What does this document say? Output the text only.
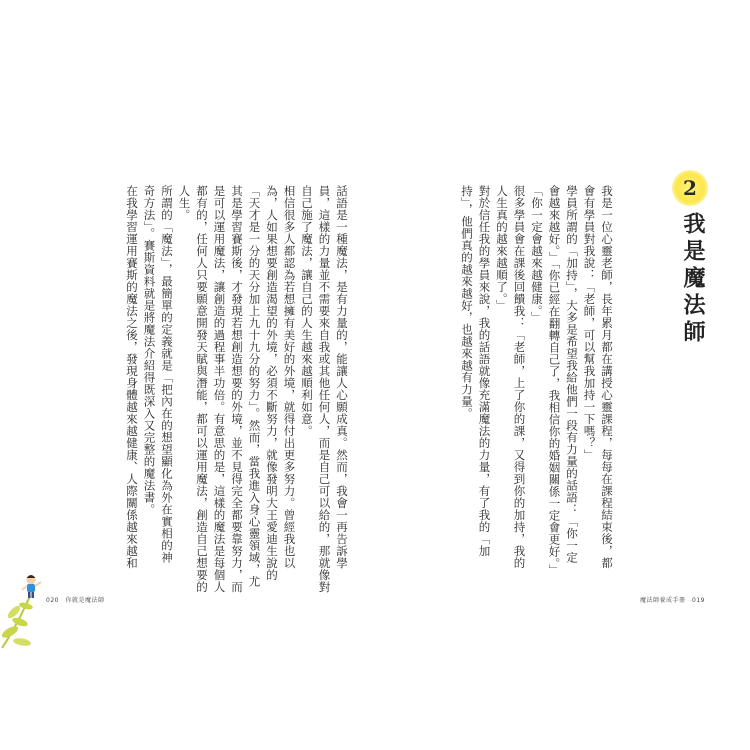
我是一位心靈老師，長年累月都在講授心靈課程，每每在課程結束後，都
會有學員對我說：「老師，可以幫我加持一下嗎？」
學員所謂的「加持」，大多是希望我給他們一段有力量的話語：「你一定
會越來越好。」「你已經在翻轉自己了，我相信你的婚姻關係一定會更好。」
「你一定會越來越健康。」
很多學員會在課後回饋我：「老師，上了你的課，又得到你的加持，我的
人生真的越來越順了。」
對於信任我的學員來說，我的話語就像充滿魔法的力量，有了我的「加
持」，他們真的越來越好，也越來越有力量。	2
我是魔法師
話語是一種魔法，是有力量的，能讓人心願成真。然而，我會一再告訴學
員，這樣的力量並不需要來自我或其他任何人，而是自己可以給的，那就像對
自己施了魔法，讓自己的人生越來越順利如意。
相信很多人都認為若想擁有美好的外境，就得付出更多努力。曾經我也以
為，人如果想要創造渴望的外境，必須不斷努力，就像發明大王愛迪生說的
「天才是一分的天分加上九十九分的努力」。然而，當我進入身心靈領域，尤
其是學習賽斯後，才發現若想創造想要的外境，並不見得完全都要靠努力，而
是可以運用魔法，讓創造的過程事半功倍。有意思的是，這樣的魔法是每個人
都有的，任何人只要願意開發天賦與潛能，都可以運用魔法，創造自己想要的
人生。
所謂的「魔法」，最簡單的定義就是「把內在的想望顯化為外在實相的神
奇方法」。賽斯資料就是將魔法介紹得既深入又完整的魔法書。
在我學習運用賽斯的魔法之後，發現身體越來越健康、人際關係越來越和
020　你就是魔法師	魔法師養成手冊　019
